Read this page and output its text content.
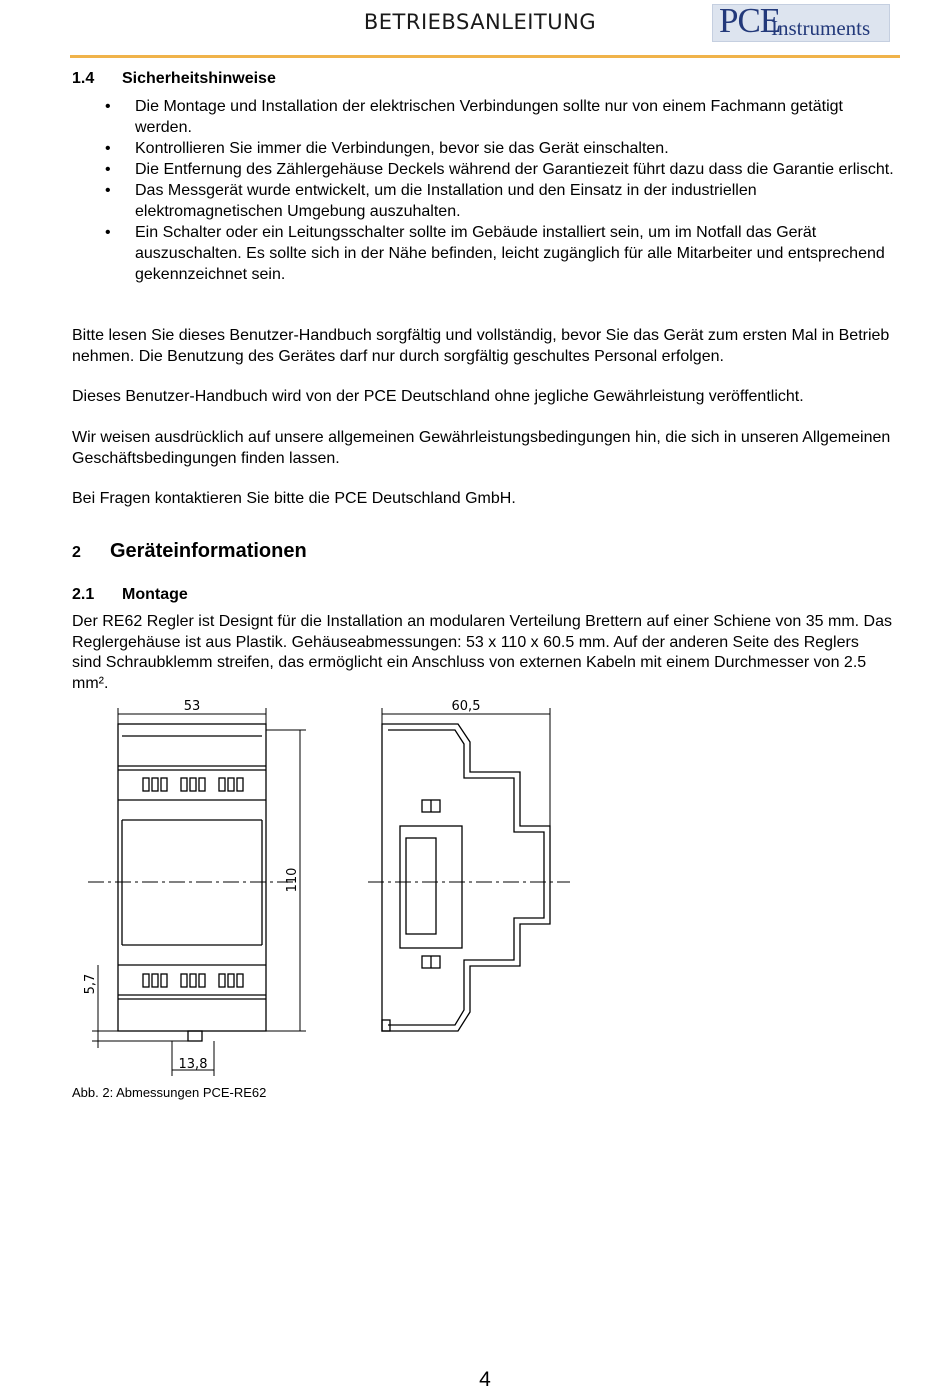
BETRIEBSANLEITUNG	PCE
Instruments
1.4 Sicherheitshinweise
• Die Montage und Installation der elektrischen Verbindungen sollte nur von einem Fachmann getätigt werden.
• Kontrollieren Sie immer die Verbindungen, bevor sie das Gerät einschalten.
• Die Entfernung des Zählergehäuse Deckels während der Garantiezeit führt dazu dass die Garantie erlischt.
• Das Messgerät wurde entwickelt, um die Installation und den Einsatz in der industriellen elektromagnetischen Umgebung auszuhalten.
• Ein Schalter oder ein Leitungsschalter sollte im Gebäude installiert sein, um im Notfall das Gerät auszuschalten. Es sollte sich in der Nähe befinden, leicht zugänglich für alle Mitarbeiter und entsprechend gekennzeichnet sein.

Bitte lesen Sie dieses Benutzer-Handbuch sorgfältig und vollständig, bevor Sie das Gerät zum ersten Mal in Betrieb nehmen. Die Benutzung des Gerätes darf nur durch sorgfältig geschultes Personal erfolgen.

Dieses Benutzer-Handbuch wird von der PCE Deutschland ohne jegliche Gewährleistung veröffentlicht.

Wir weisen ausdrücklich auf unsere allgemeinen Gewährleistungsbedingungen hin, die sich in unseren Allgemeinen Geschäftsbedingungen finden lassen.

Bei Fragen kontaktieren Sie bitte die PCE Deutschland GmbH.

2 Geräteinformationen
2.1 Montage

Der RE62 Regler ist Designt für die Installation an modularen Verteilung Brettern auf einer Schiene von 35 mm. Das Reglergehäuse ist aus Plastik. Gehäuseabmessungen: 53 x 110 x 60.5 mm. Auf der anderen Seite des Reglers sind Schraubklemm streifen, das ermöglicht ein Anschluss von externen Kabeln mit einem Durchmesser von 2.5 mm².

53	60,5
110
5,7
13,8
Abb. 2: Abmessungen PCE-RE62
4
